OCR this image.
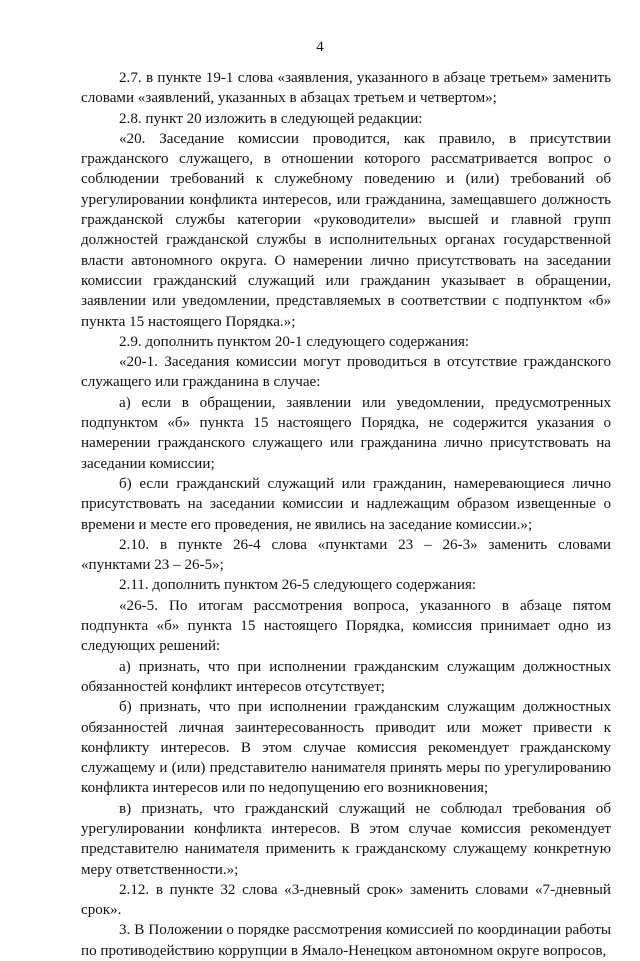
4

2.7. в пункте 19-1 слова «заявления, указанного в абзаце третьем» заменить словами «заявлений, указанных в абзацах третьем и четвертом»;

2.8. пункт 20 изложить в следующей редакции:

«20. Заседание комиссии проводится, как правило, в присутствии гражданского служащего, в отношении которого рассматривается вопрос о соблюдении требований к служебному поведению и (или) требований об урегулировании конфликта интересов, или гражданина, замещавшего должность гражданской службы категории «руководители» высшей и главной групп должностей гражданской службы в исполнительных органах государственной власти автономного округа. О намерении лично присутствовать на заседании комиссии гражданский служащий или гражданин указывает в обращении, заявлении или уведомлении, представляемых в соответствии с подпунктом «б» пункта 15 настоящего Порядка.»;

2.9. дополнить пунктом 20-1 следующего содержания:

«20-1. Заседания комиссии могут проводиться в отсутствие гражданского служащего или гражданина в случае:

а) если в обращении, заявлении или уведомлении, предусмотренных подпунктом «б» пункта 15 настоящего Порядка, не содержится указания о намерении гражданского служащего или гражданина лично присутствовать на заседании комиссии;

б) если гражданский служащий или гражданин, намеревающиеся лично присутствовать на заседании комиссии и надлежащим образом извещенные о времени и месте его проведения, не явились на заседание комиссии.»;

2.10. в пункте 26-4 слова «пунктами 23 – 26-3» заменить словами «пунктами 23 – 26-5»;

2.11. дополнить пунктом 26-5 следующего содержания:

«26-5. По итогам рассмотрения вопроса, указанного в абзаце пятом подпункта «б» пункта 15 настоящего Порядка, комиссия принимает одно из следующих решений:

а) признать, что при исполнении гражданским служащим должностных обязанностей конфликт интересов отсутствует;

б) признать, что при исполнении гражданским служащим должностных обязанностей личная заинтересованность приводит или может привести к конфликту интересов. В этом случае комиссия рекомендует гражданскому служащему и (или) представителю нанимателя принять меры по урегулированию конфликта интересов или по недопущению его возникновения;

в) признать, что гражданский служащий не соблюдал требования об урегулировании конфликта интересов. В этом случае комиссия рекомендует представителю нанимателя применить к гражданскому служащему конкретную меру ответственности.»;

2.12. в пункте 32 слова «3-дневный срок» заменить словами «7-дневный срок».

3. В Положении о порядке рассмотрения комиссией по координации работы по противодействию коррупции в Ямало-Ненецком автономном округе вопросов,
